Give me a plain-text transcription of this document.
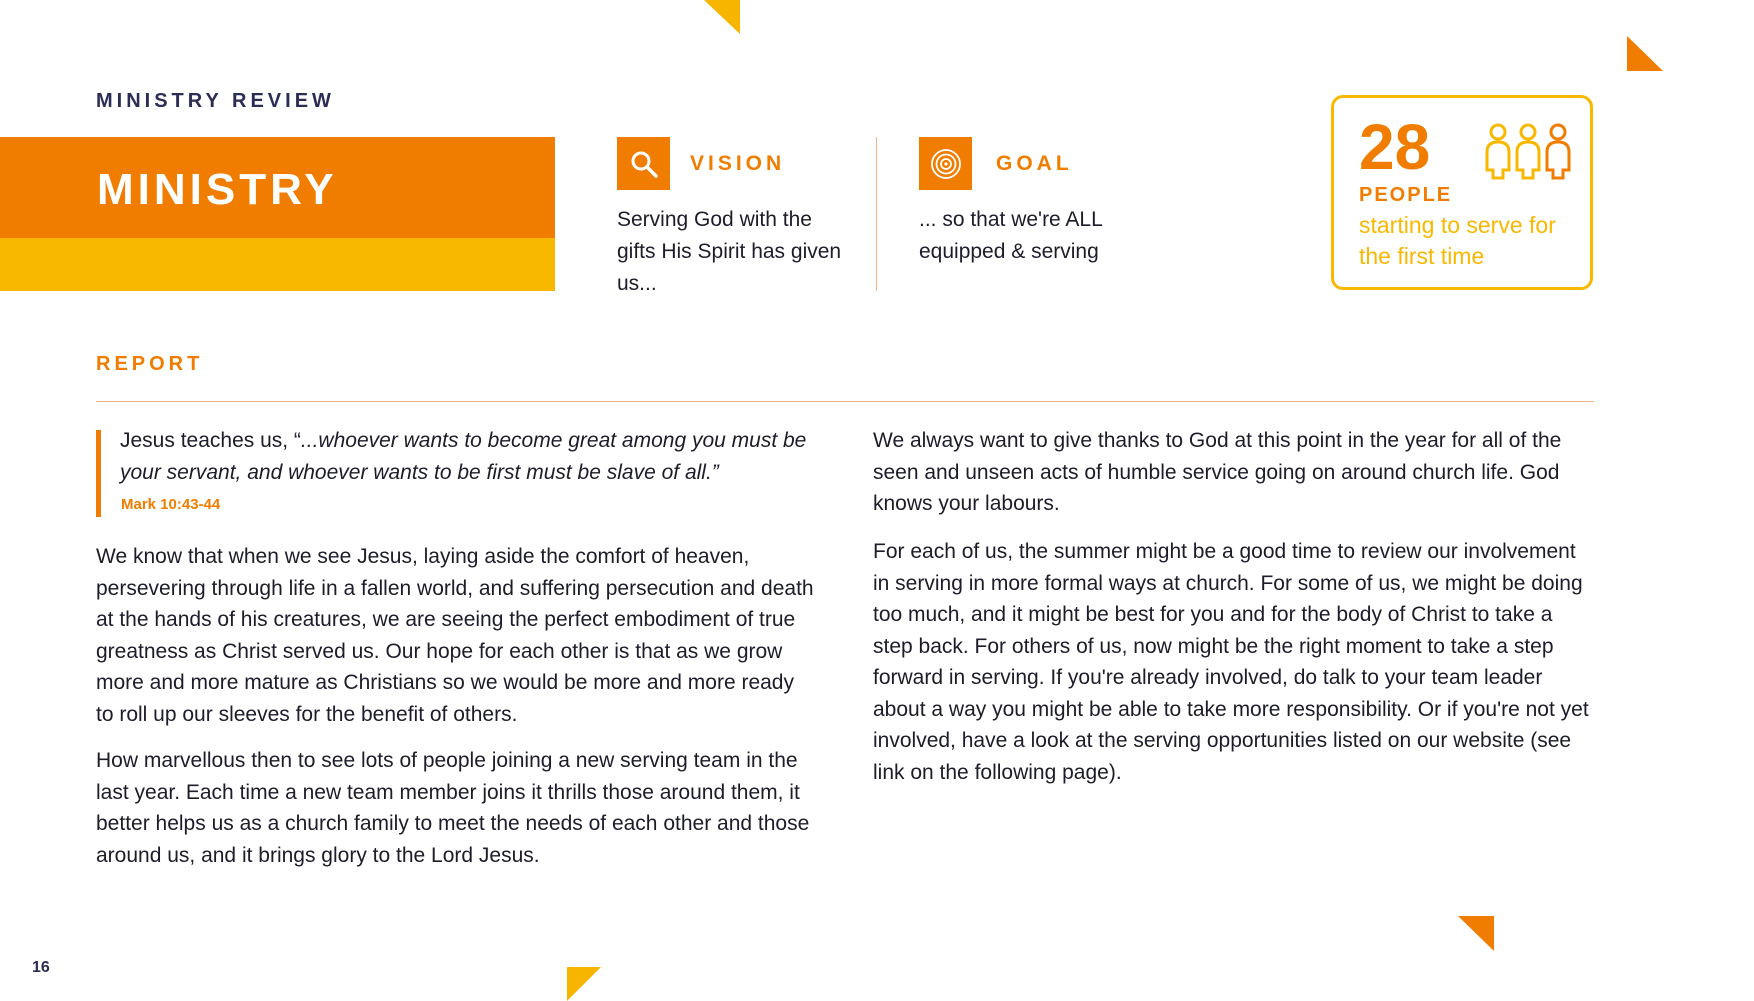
MINISTRY REVIEW
MINISTRY
VISION
Serving God with the gifts His Spirit has given us...
GOAL
... so that we're ALL equipped & serving
28
PEOPLE
starting to serve for the first time
REPORT
Jesus teaches us, “...whoever wants to become great among you must be your servant, and whoever wants to be first must be slave of all.”
Mark 10:43-44
We know that when we see Jesus, laying aside the comfort of heaven, persevering through life in a fallen world, and suffering persecution and death at the hands of his creatures, we are seeing the perfect embodiment of true greatness as Christ served us. Our hope for each other is that as we grow more and more mature as Christians so we would be more and more ready to roll up our sleeves for the benefit of others.
How marvellous then to see lots of people joining a new serving team in the last year. Each time a new team member joins it thrills those around them, it better helps us as a church family to meet the needs of each other and those around us, and it brings glory to the Lord Jesus.
We always want to give thanks to God at this point in the year for all of the seen and unseen acts of humble service going on around church life. God knows your labours.
For each of us, the summer might be a good time to review our involvement in serving in more formal ways at church. For some of us, we might be doing too much, and it might be best for you and for the body of Christ to take a step back. For others of us, now might be the right moment to take a step forward in serving. If you're already involved, do talk to your team leader about a way you might be able to take more responsibility. Or if you're not yet involved, have a look at the serving opportunities listed on our website (see link on the following page).
16
